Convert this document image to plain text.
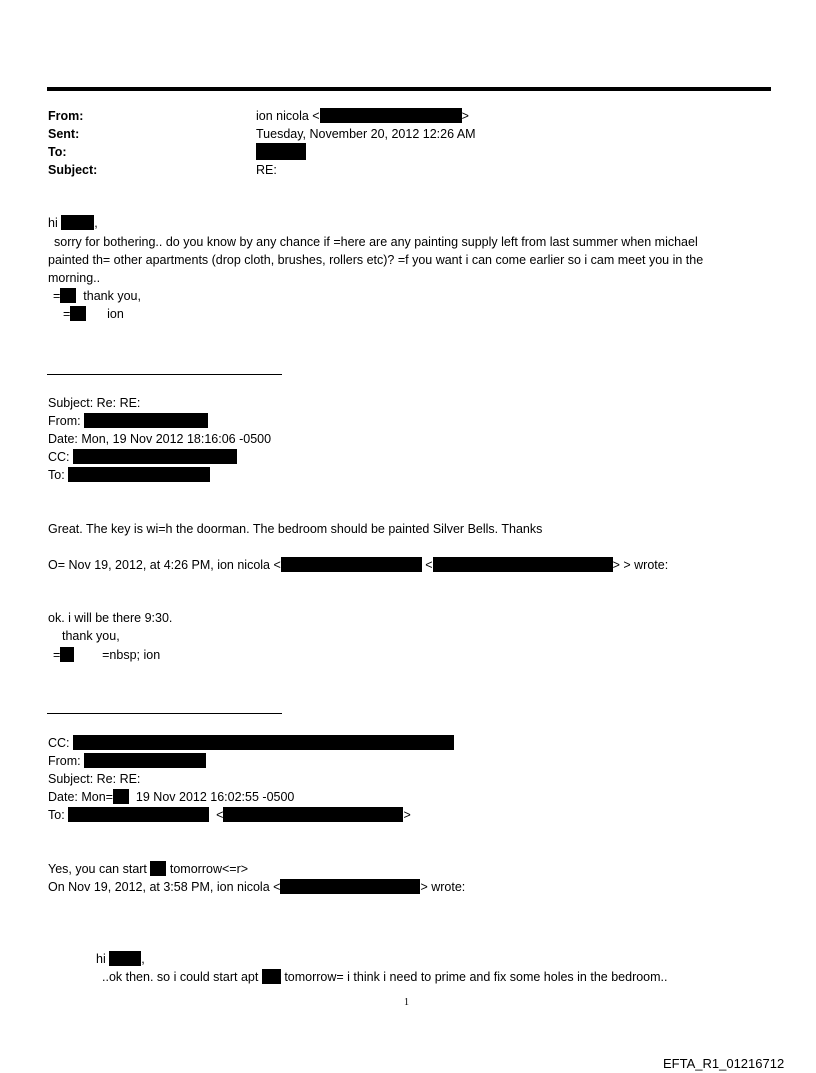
From:	ion nicola <	>
Sent:	Tuesday, November 20, 2012 12:26 AM
To:
Subject:	RE:
hi	,
sorry for bothering.. do you know by any chance if =here are any painting supply left from last summer when michael
painted th= other apartments (drop cloth, brushes, rollers etc)? =f you want i can come earlier so i cam meet you in the
morning..
= thank you,
=	ion
Subject: Re: RE:
From:
Date: Mon, 19 Nov 2012 18:16:06 -0500
CC:
To:
Great. The key is wi=h the doorman. The bedroom should be painted Silver Bells. Thanks
O= Nov 19, 2012, at 4:26 PM, ion nicola <	<	> > wrote:
ok. i will be there 9:30.
thank you,
=	=nbsp; ion
CC:
From:
Subject: Re: RE:
Date: Mon= 19 Nov 2012 16:02:55 -0500
To:	<	>
Yes, you can start tomorrow<=r>
On Nov 19, 2012, at 3:58 PM, ion nicola <	> wrote:
hi	,
..ok then. so i could start apt tomorrow= i think i need to prime and fix some holes in the bedroom..
1
EFTA_R1_01216712
